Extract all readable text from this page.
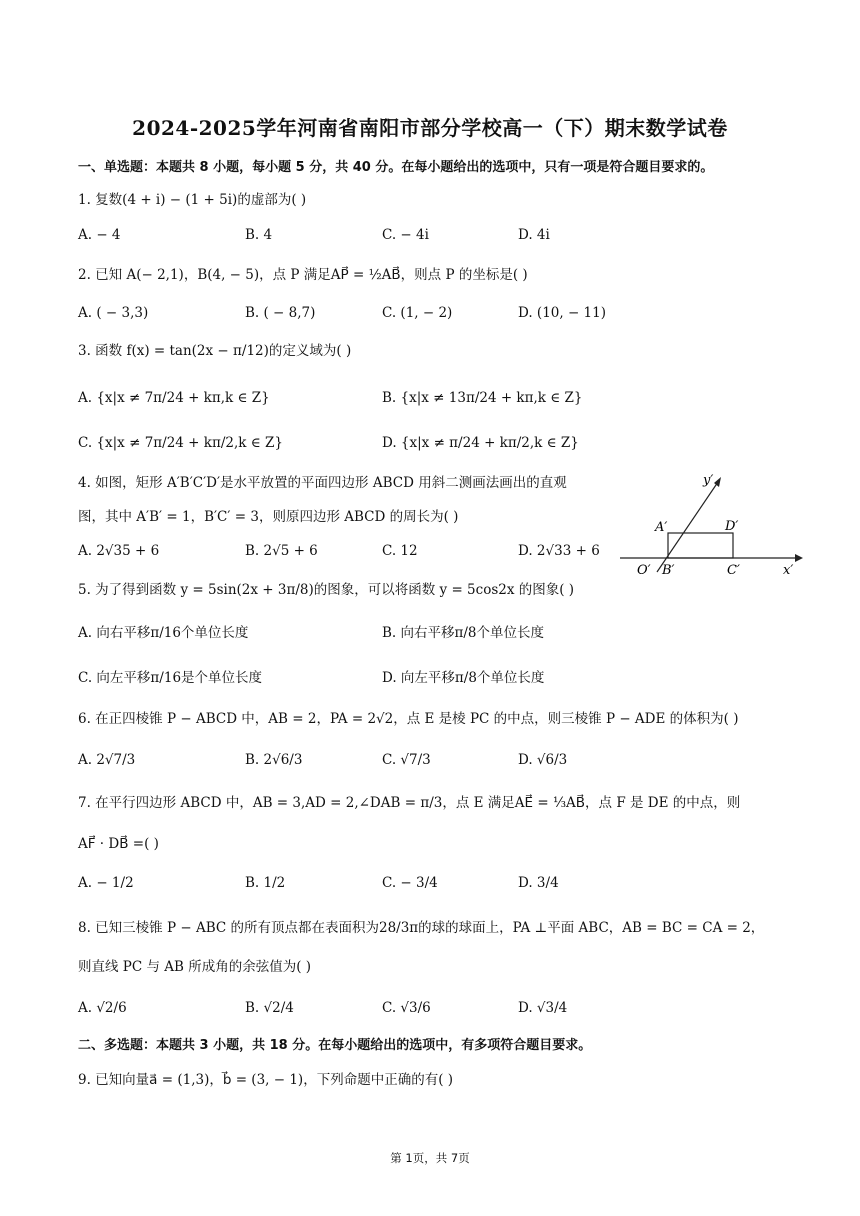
2024-2025学年河南省南阳市部分学校高一（下）期末数学试卷
一、单选题：本题共 8 小题，每小题 5 分，共 40 分。在每小题给出的选项中，只有一项是符合题目要求的。
1. 复数(4 + i) − (1 + 5i)的虚部为( )
A. − 4	B. 4	C. − 4i	D. 4i
2. 已知 A(− 2,1)，B(4, − 5)，点 P 满足AP⃗ = ½AB⃗，则点 P 的坐标是( )
A. ( − 3,3)	B. ( − 8,7)	C. (1, − 2)	D. (10, − 11)
3. 函数 f(x) = tan(2x − π/12)的定义域为( )
A. {x|x ≠ 7π/24 + kπ,k ∈ Z}	B. {x|x ≠ 13π/24 + kπ,k ∈ Z}
C. {x|x ≠ 7π/24 + kπ/2,k ∈ Z}	D. {x|x ≠ π/24 + kπ/2,k ∈ Z}
4. 如图，矩形 A′B′C′D′是水平放置的平面四边形 ABCD 用斜二测画法画出的直观
图，其中 A′B′ = 1，B′C′ = 3，则原四边形 ABCD 的周长为( )
A. 2√35 + 6	B. 2√5 + 6	C. 12	D. 2√33 + 6
y′
x′
O′
A′
B′	C′
D′
5. 为了得到函数 y = 5sin(2x + 3π/8)的图象，可以将函数 y = 5cos2x 的图象( )
A. 向右平移π/16个单位长度	B. 向右平移π/8个单位长度
C. 向左平移π/16是个单位长度	D. 向左平移π/8个单位长度
6. 在正四棱锥 P − ABCD 中，AB = 2，PA = 2√2，点 E 是棱 PC 的中点，则三棱锥 P − ADE 的体积为( )
A. 2√7/3	B. 2√6/3	C. √7/3	D. √6/3
7. 在平行四边形 ABCD 中，AB = 3,AD = 2,∠DAB = π/3，点 E 满足AE⃗ = ⅓AB⃗，点 F 是 DE 的中点，则
AF⃗ · DB⃗ =( )
A. − 1/2	B. 1/2	C. − 3/4	D. 3/4
8. 已知三棱锥 P − ABC 的所有顶点都在表面积为28/3π的球的球面上，PA ⊥平面 ABC，AB = BC = CA = 2，
则直线 PC 与 AB 所成角的余弦值为( )
A. √2/6	B. √2/4	C. √3/6	D. √3/4
二、多选题：本题共 3 小题，共 18 分。在每小题给出的选项中，有多项符合题目要求。
9. 已知向量a⃗ = (1,3)，b⃗ = (3, − 1)，下列命题中正确的有( )
第 1页，共 7页
